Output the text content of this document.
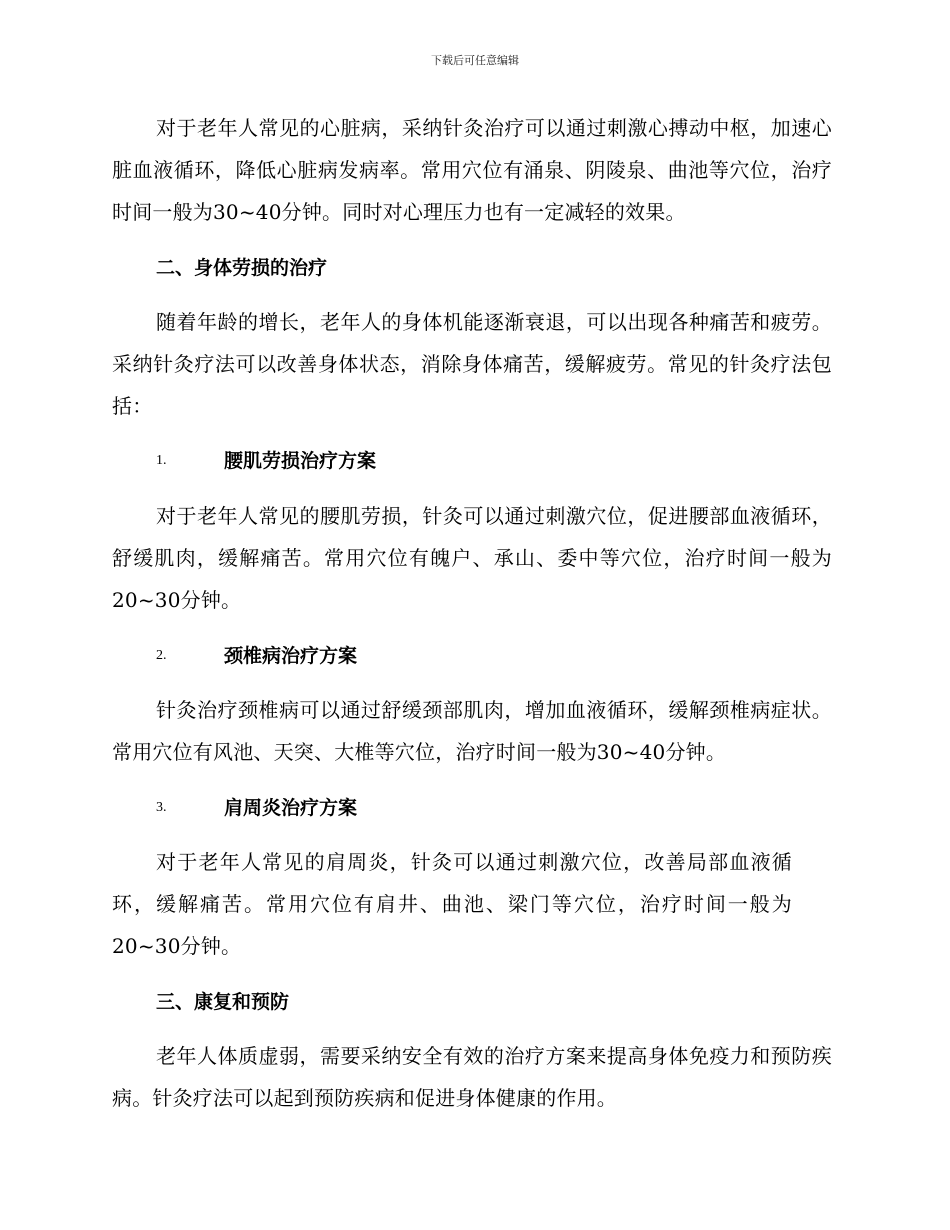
下载后可任意编辑

对于老年人常见的心脏病，采纳针灸治疗可以通过刺激心搏动中枢，加速心脏血液循环，降低心脏病发病率。常用穴位有涌泉、阴陵泉、曲池等穴位，治疗时间一般为30~40分钟。同时对心理压力也有一定减轻的效果。

二、身体劳损的治疗

随着年龄的增长，老年人的身体机能逐渐衰退，可以出现各种痛苦和疲劳。采纳针灸疗法可以改善身体状态，消除身体痛苦，缓解疲劳。常见的针灸疗法包括：

1.	腰肌劳损治疗方案

对于老年人常见的腰肌劳损，针灸可以通过刺激穴位，促进腰部血液循环，舒缓肌肉，缓解痛苦。常用穴位有魄户、承山、委中等穴位，治疗时间一般为20~30分钟。

2.	颈椎病治疗方案

针灸治疗颈椎病可以通过舒缓颈部肌肉，增加血液循环，缓解颈椎病症状。常用穴位有风池、天突、大椎等穴位，治疗时间一般为30~40分钟。

3.	肩周炎治疗方案

对于老年人常见的肩周炎，针灸可以通过刺激穴位，改善局部血液循环，缓解痛苦。常用穴位有肩井、曲池、梁门等穴位，治疗时间一般为20~30分钟。

三、康复和预防

老年人体质虚弱，需要采纳安全有效的治疗方案来提高身体免疫力和预防疾病。针灸疗法可以起到预防疾病和促进身体健康的作用。
